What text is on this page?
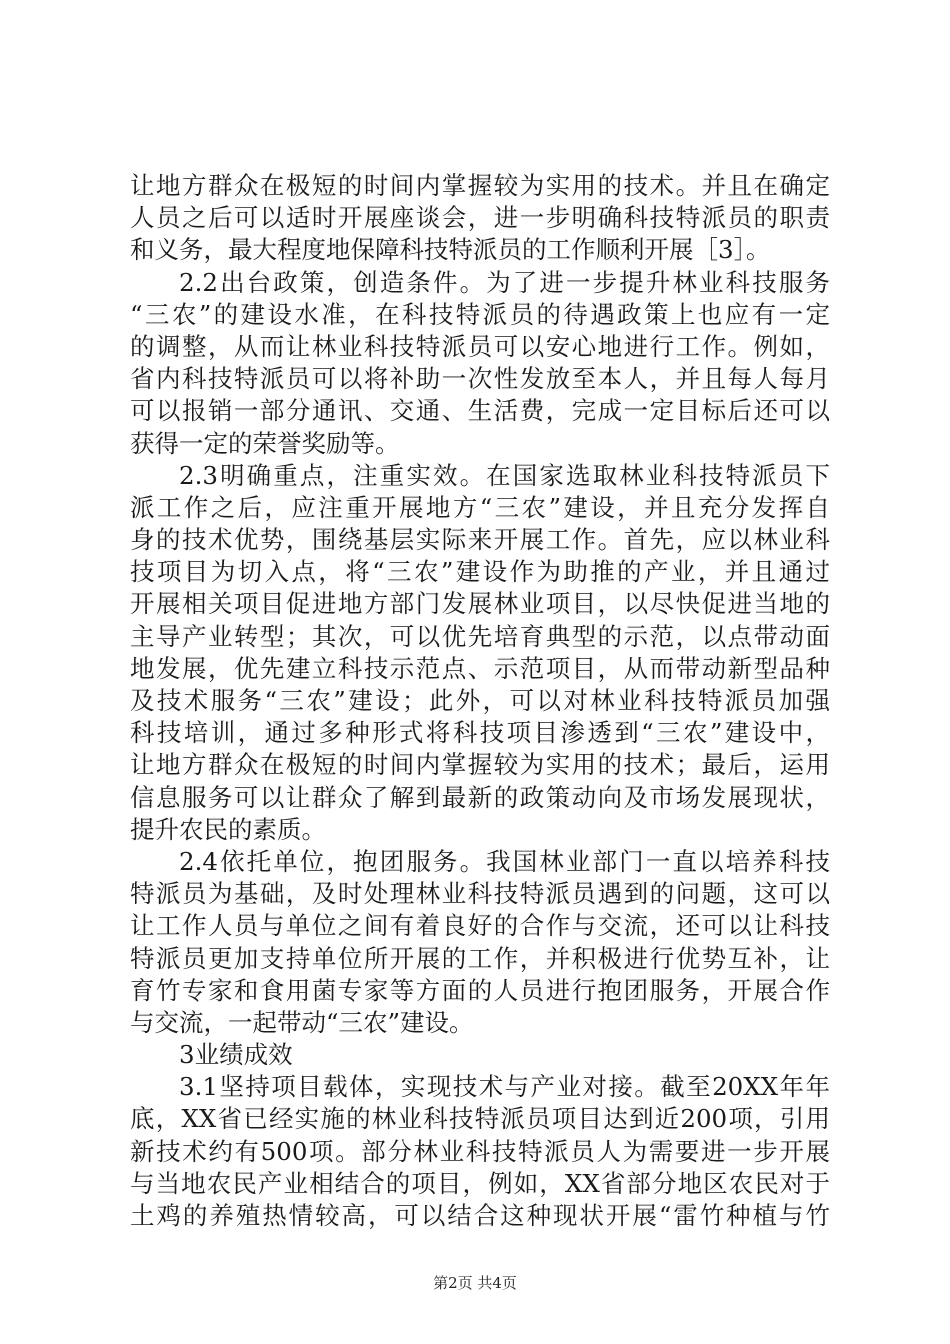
让地方群众在极短的时间内掌握较为实用的技术。并且在确定
人员之后可以适时开展座谈会，进一步明确科技特派员的职责
和义务，最大程度地保障科技特派员的工作顺利开展［3］。
2.2出台政策，创造条件。为了进一步提升林业科技服务
“三农”的建设水准，在科技特派员的待遇政策上也应有一定
的调整，从而让林业科技特派员可以安心地进行工作。例如，
省内科技特派员可以将补助一次性发放至本人，并且每人每月
可以报销一部分通讯、交通、生活费，完成一定目标后还可以
获得一定的荣誉奖励等。
2.3明确重点，注重实效。在国家选取林业科技特派员下
派工作之后，应注重开展地方“三农”建设，并且充分发挥自
身的技术优势，围绕基层实际来开展工作。首先，应以林业科
技项目为切入点，将“三农”建设作为助推的产业，并且通过
开展相关项目促进地方部门发展林业项目，以尽快促进当地的
主导产业转型；其次，可以优先培育典型的示范，以点带动面
地发展，优先建立科技示范点、示范项目，从而带动新型品种
及技术服务“三农”建设；此外，可以对林业科技特派员加强
科技培训，通过多种形式将科技项目渗透到“三农”建设中，
让地方群众在极短的时间内掌握较为实用的技术；最后，运用
信息服务可以让群众了解到最新的政策动向及市场发展现状，
提升农民的素质。
2.4依托单位，抱团服务。我国林业部门一直以培养科技
特派员为基础，及时处理林业科技特派员遇到的问题，这可以
让工作人员与单位之间有着良好的合作与交流，还可以让科技
特派员更加支持单位所开展的工作，并积极进行优势互补，让
育竹专家和食用菌专家等方面的人员进行抱团服务，开展合作
与交流，一起带动“三农”建设。
3业绩成效
3.1坚持项目载体，实现技术与产业对接。截至20XX年年
底，XX省已经实施的林业科技特派员项目达到近200项，引用
新技术约有500项。部分林业科技特派员人为需要进一步开展
与当地农民产业相结合的项目，例如，XX省部分地区农民对于
土鸡的养殖热情较高，可以结合这种现状开展“雷竹种植与竹
第2页 共4页
